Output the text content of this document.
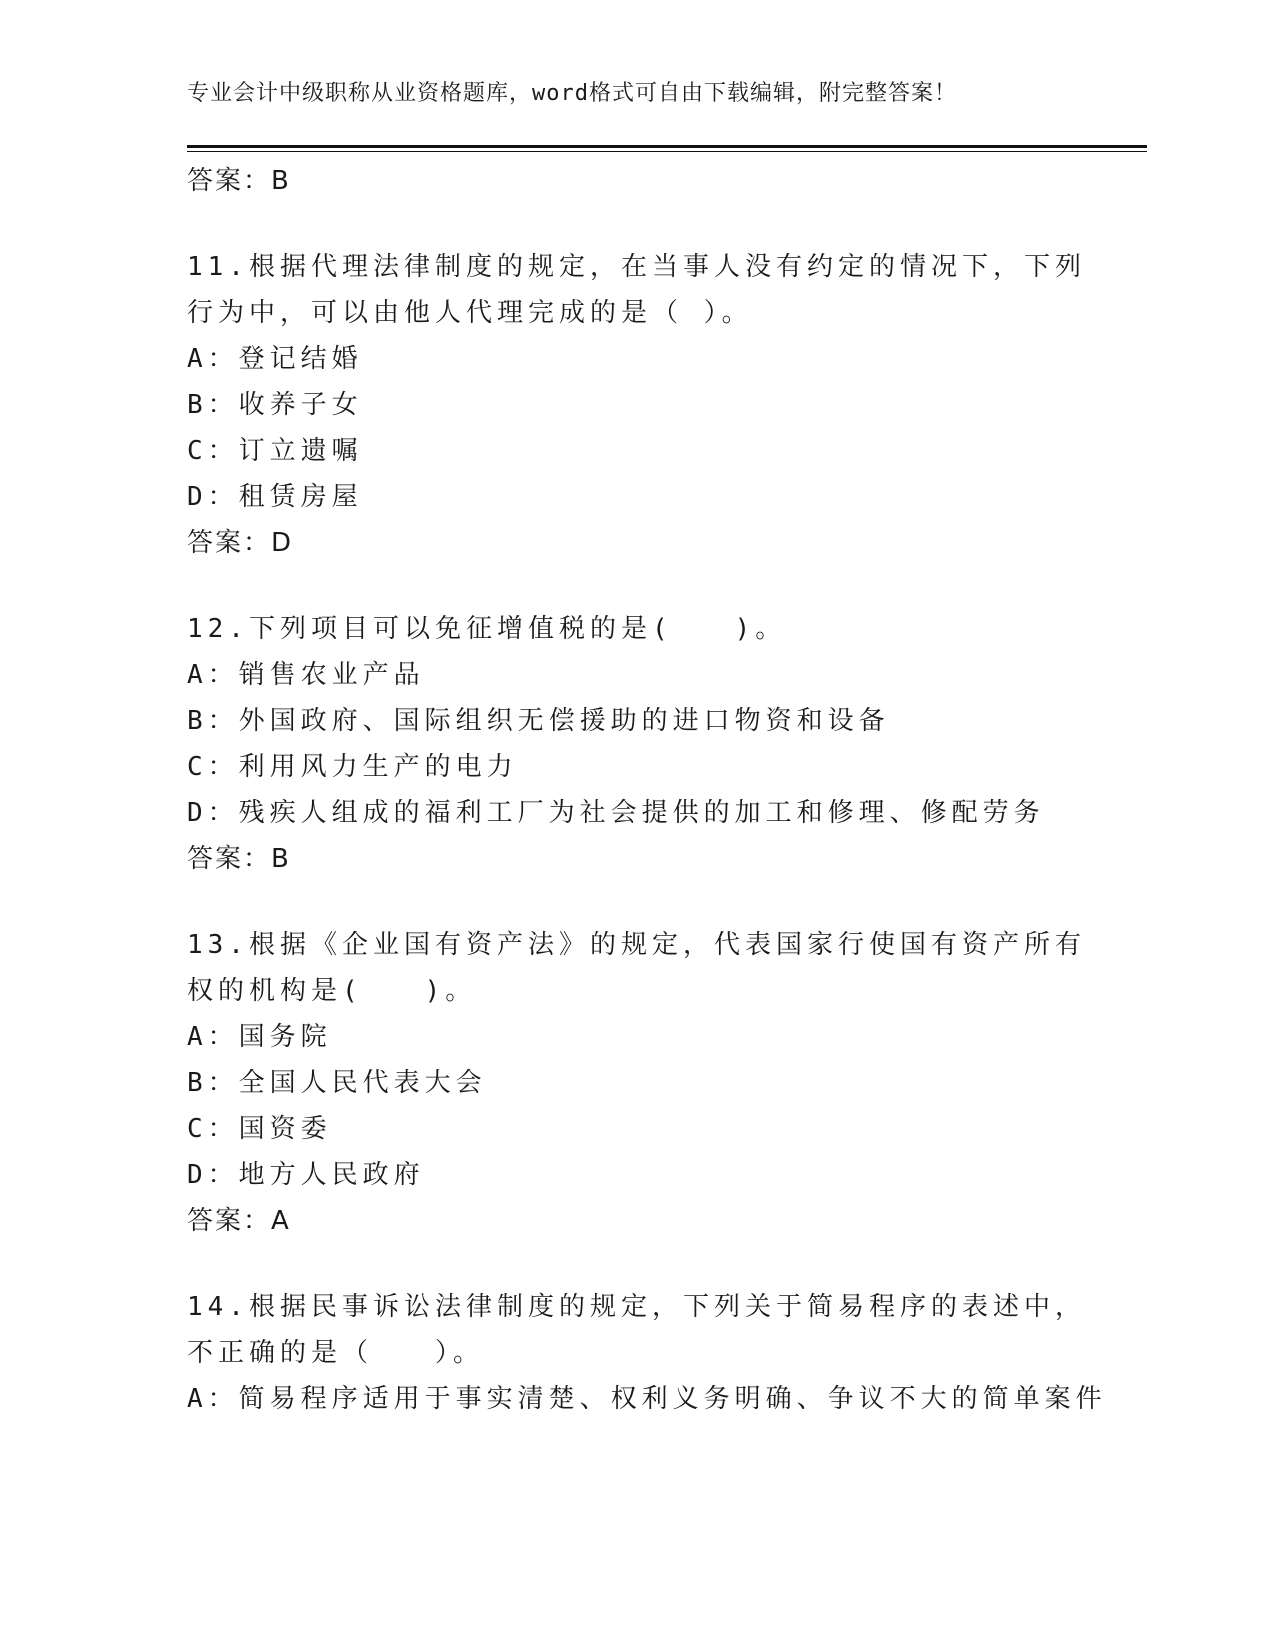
专业会计中级职称从业资格题库，word格式可自由下载编辑，附完整答案！
答案：B
11.根据代理法律制度的规定，在当事人没有约定的情况下，下列行为中，可以由他人代理完成的是（ ）。
A：登记结婚
B：收养子女
C：订立遗嘱
D：租赁房屋
答案：D
12.下列项目可以免征增值税的是(　　)。
A：销售农业产品
B：外国政府、国际组织无偿援助的进口物资和设备
C：利用风力生产的电力
D：残疾人组成的福利工厂为社会提供的加工和修理、修配劳务
答案：B
13.根据《企业国有资产法》的规定，代表国家行使国有资产所有权的机构是(　　)。
A：国务院
B：全国人民代表大会
C：国资委
D：地方人民政府
答案：A
14.根据民事诉讼法律制度的规定，下列关于简易程序的表述中，不正确的是（　　）。
A：简易程序适用于事实清楚、权利义务明确、争议不大的简单案件
